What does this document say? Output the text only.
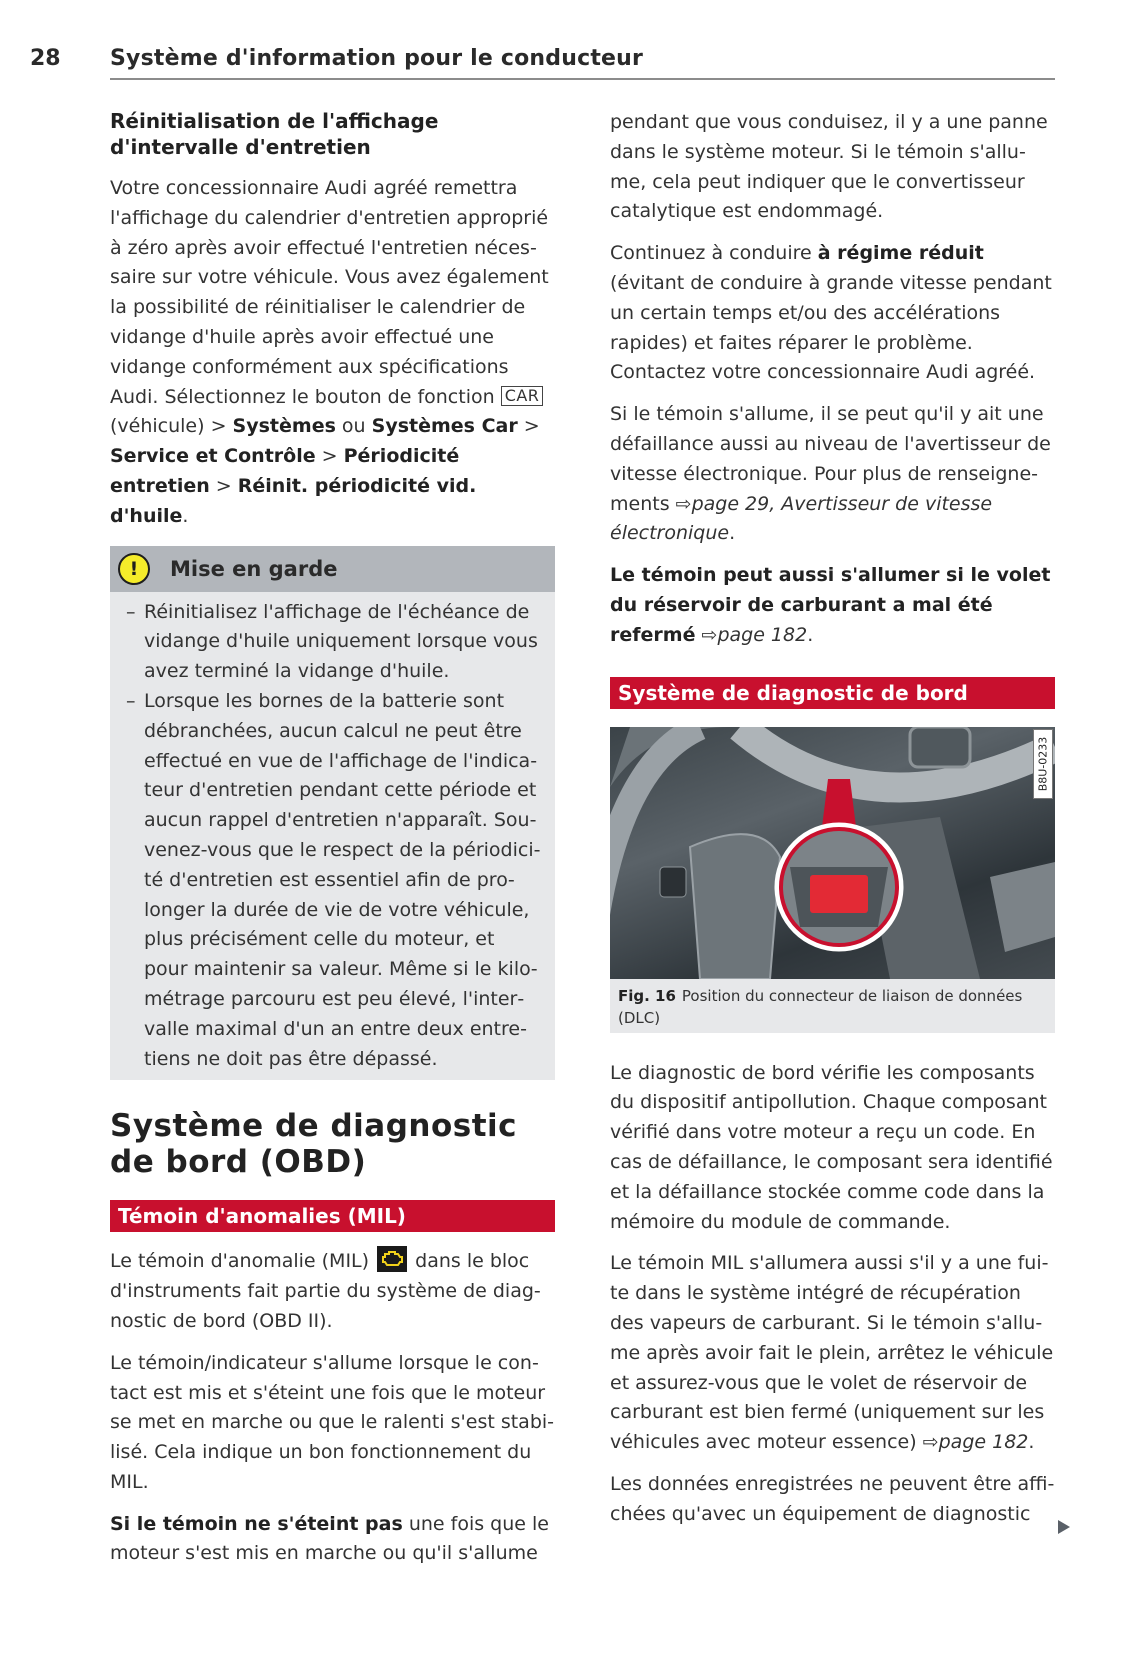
28 Système d'information pour le conducteur
Réinitialisation de l'affichage d'intervalle d'entretien

Votre concessionnaire Audi agréé remettra l'affichage du calendrier d'entretien approprié à zéro après avoir effectué l'entretien nécessaire sur votre véhicule. Vous avez également la possibilité de réinitialiser le calendrier de vidange d'huile après avoir effectué une vidange conformément aux spécifications Audi. Sélectionnez le bouton de fonction CAR (véhicule) > Systèmes ou Systèmes Car > Service et Contrôle > Périodicité entretien > Réinit. périodicité vid. d'huile.

!	Mise en garde
– Réinitialisez l'affichage de l'échéance de vidange d'huile uniquement lorsque vous avez terminé la vidange d'huile.
– Lorsque les bornes de la batterie sont débranchées, aucun calcul ne peut être effectué en vue de l'affichage de l'indicateur d'entretien pendant cette période et aucun rappel d'entretien n'apparaît. Souvenez-vous que le respect de la périodicité d'entretien est essentiel afin de prolonger la durée de vie de votre véhicule, plus précisément celle du moteur, et pour maintenir sa valeur. Même si le kilométrage parcouru est peu élevé, l'intervalle maximal d'un an entre deux entretiens ne doit pas être dépassé.
Système de diagnostic de bord (OBD)
Témoin d'anomalies (MIL)

Le témoin d'anomalie (MIL)
dans le bloc d'instruments fait partie du système de diagnostic de bord (OBD II).

Le témoin/indicateur s'allume lorsque le contact est mis et s'éteint une fois que le moteur se met en marche ou que le ralenti s'est stabilisé. Cela indique un bon fonctionnement du MIL.

Si le témoin ne s'éteint pas une fois que le moteur s'est mis en marche ou qu'il s'allume

pendant que vous conduisez, il y a une panne dans le système moteur. Si le témoin s'allume, cela peut indiquer que le convertisseur catalytique est endommagé.

Continuez à conduire à régime réduit (évitant de conduire à grande vitesse pendant un certain temps et/ou des accélérations rapides) et faites réparer le problème. Contactez votre concessionnaire Audi agréé.

Si le témoin s'allume, il se peut qu'il y ait une défaillance aussi au niveau de l'avertisseur de vitesse électronique. Pour plus de renseignements ⇨page 29, Avertisseur de vitesse électronique.

Le témoin peut aussi s'allumer si le volet du réservoir de carburant a mal été refermé ⇨page 182.

Système de diagnostic de bord
B8U-0233
Fig. 16 Position du connecteur de liaison de données (DLC)

Le diagnostic de bord vérifie les composants du dispositif antipollution. Chaque composant vérifié dans votre moteur a reçu un code. En cas de défaillance, le composant sera identifié et la défaillance stockée comme code dans la mémoire du module de commande.

Le témoin MIL s'allumera aussi s'il y a une fuite dans le système intégré de récupération des vapeurs de carburant. Si le témoin s'allume après avoir fait le plein, arrêtez le véhicule et assurez-vous que le volet de réservoir de carburant est bien fermé (uniquement sur les véhicules avec moteur essence) ⇨page 182.

Les données enregistrées ne peuvent être affichées qu'avec un équipement de diagnostic
